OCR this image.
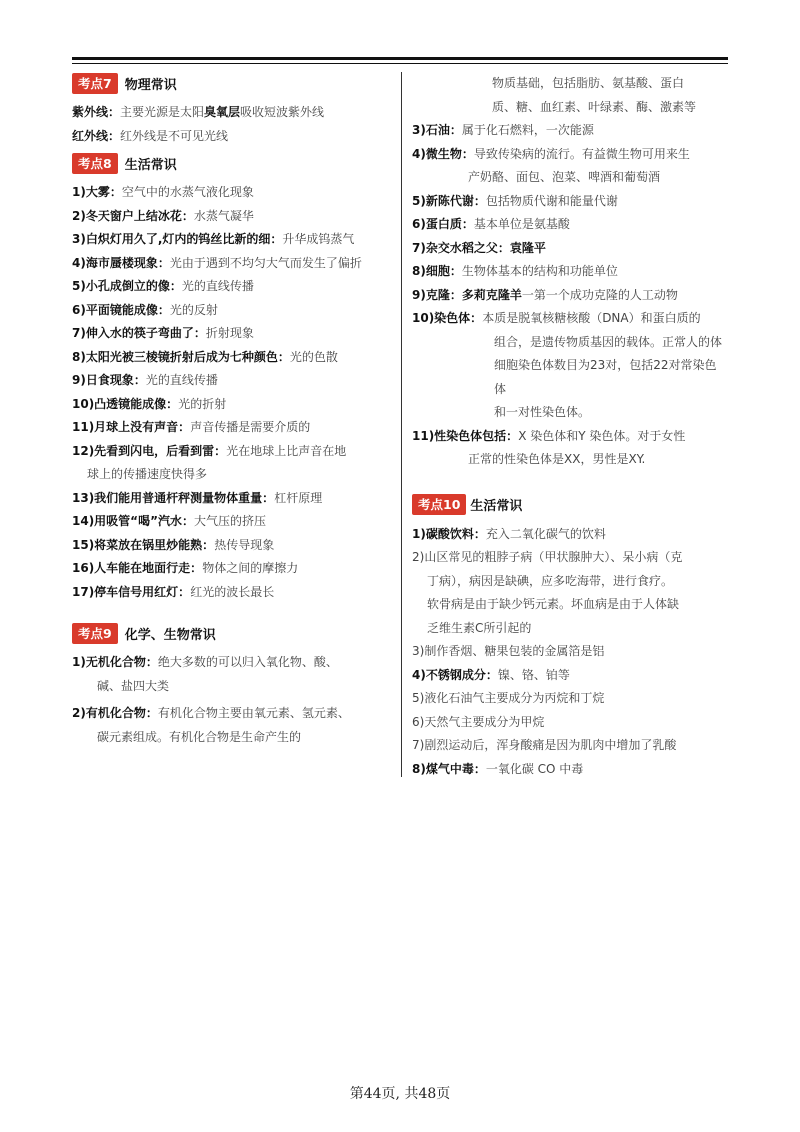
考点7	物理常识
紫外线：主要光源是太阳臭氧层吸收短波紫外线
红外线：红外线是不可见光线
考点8	生活常识
1)大雾：空气中的水蒸气液化现象
2)冬天窗户上结冰花：水蒸气凝华
3)白炽灯用久了,灯内的钨丝比新的细：升华成钨蒸气
4)海市蜃楼现象：光由于遇到不均匀大气而发生了偏折
5)小孔成倒立的像：光的直线传播
6)平面镜能成像：光的反射
7)伸入水的筷子弯曲了：折射现象
8)太阳光被三棱镜折射后成为七种颜色：光的色散
9)日食现象：光的直线传播
10)凸透镜能成像：光的折射
11)月球上没有声音：声音传播是需要介质的
12)先看到闪电，后看到雷：光在地球上比声音在地
球上的传播速度快得多
13)我们能用普通杆秤测量物体重量：杠杆原理
14)用吸管“喝”汽水：大气压的挤压
15)将菜放在锅里炒能熟：热传导现象
16)人车能在地面行走：物体之间的摩擦力
17)停车信号用红灯：红光的波长最长
考点9	化学、生物常识
1)无机化合物：绝大多数的可以归入氧化物、酸、
碱、盐四大类
2)有机化合物：有机化合物主要由氧元素、氢元素、
碳元素组成。有机化合物是生命产生的
物质基础，包括脂肪、氨基酸、蛋白
质、糖、血红素、叶绿素、酶、激素等
3)石油：属于化石燃料，一次能源
4)微生物：导致传染病的流行。有益微生物可用来生
产奶酪、面包、泡菜、啤酒和葡萄酒
5)新陈代谢：包括物质代谢和能量代谢
6)蛋白质：基本单位是氨基酸
7)杂交水稻之父：袁隆平
8)细胞：生物体基本的结构和功能单位
9)克隆：多莉克隆羊一第一个成功克隆的人工动物
10)染色体：本质是脱氧核糖核酸（DNA）和蛋白质的
组合，是遗传物质基因的载体。正常人的体
细胞染色体数目为23对，包括22对常染色体
和一对性染色体。
11)性染色体包括：X 染色体和Y 染色体。对于女性
正常的性染色体是XX，男性是XY.
考点10 生活常识
1)碳酸饮料：充入二氧化碳气的饮料
2)山区常见的粗脖子病（甲状腺肿大）、呆小病（克
丁病），病因是缺碘，应多吃海带，进行食疗。
软骨病是由于缺少钙元素。坏血病是由于人体缺
乏维生素C所引起的
3)制作香烟、糖果包装的金属箔是铝
4)不锈钢成分：镍、铬、铂等
5)液化石油气主要成分为丙烷和丁烷
6)天然气主要成分为甲烷
7)剧烈运动后，浑身酸痛是因为肌肉中增加了乳酸
8)煤气中毒：一氧化碳 CO 中毒
第44页, 共48页
